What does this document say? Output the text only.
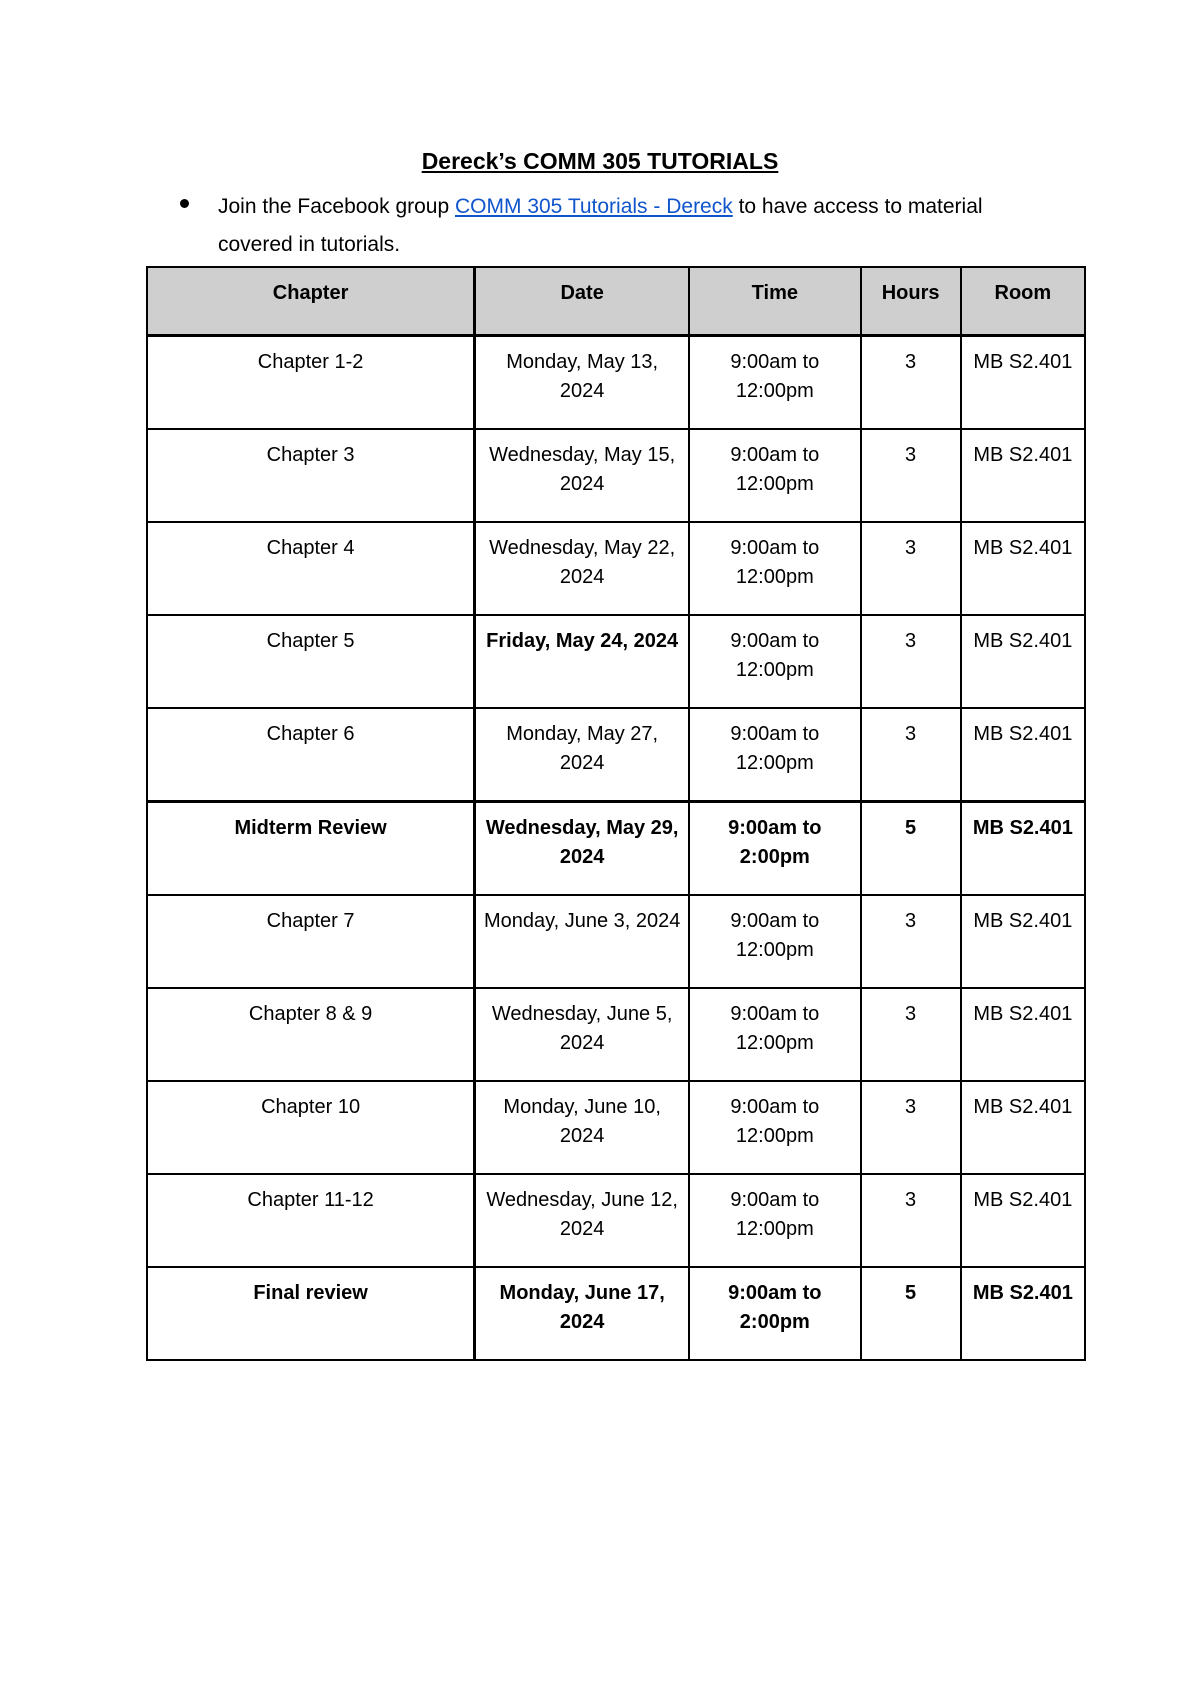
Dereck’s COMM 305 TUTORIALS
Join the Facebook group COMM 305 Tutorials - Dereck to have access to material covered in tutorials.
Chapter	Date	Time	Hours	Room
Chapter 1-2	Monday, May 13, 2024	9:00am to 12:00pm	3	MB S2.401
Chapter 3	Wednesday, May 15, 2024	9:00am to 12:00pm	3	MB S2.401
Chapter 4	Wednesday, May 22, 2024	9:00am to 12:00pm	3	MB S2.401
Chapter 5	Friday, May 24, 2024	9:00am to 12:00pm	3	MB S2.401
Chapter 6	Monday, May 27, 2024	9:00am to 12:00pm	3	MB S2.401
Midterm Review	Wednesday, May 29, 2024	9:00am to 2:00pm	5	MB S2.401
Chapter 7	Monday, June 3, 2024	9:00am to 12:00pm	3	MB S2.401
Chapter 8 & 9	Wednesday, June 5, 2024	9:00am to 12:00pm	3	MB S2.401
Chapter 10	Monday, June 10, 2024	9:00am to 12:00pm	3	MB S2.401
Chapter 11-12	Wednesday, June 12, 2024	9:00am to 12:00pm	3	MB S2.401
Final review	Monday, June 17, 2024	9:00am to 2:00pm	5	MB S2.401
